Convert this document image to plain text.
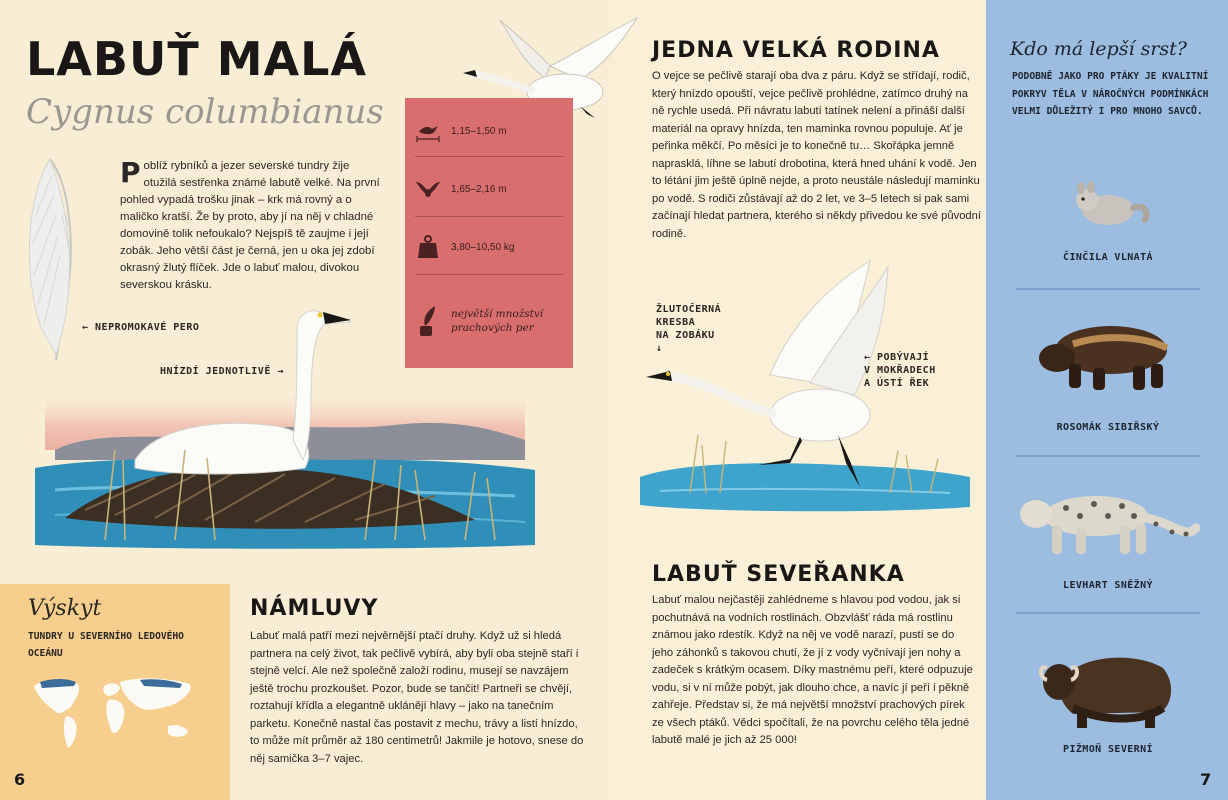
LABUŤ MALÁ
Cygnus columbianus
Poblíž rybníků a jezer severské tundry žije otužilá sestřenka známé labutě velké. Na první pohled vypadá trošku jinak – krk má rovný a o maličko kratší. Že by proto, aby jí na něj v chladné domovině tolik nefoukalo? Nejspíš tě zaujme i její zobák. Jeho větší část je černá, jen u oka jej zdobí okrasný žlutý flíček. Jde o labuť malou, divokou severskou krásku.
← NEPROMOKAVÉ PERO
HNÍZDÍ JEDNOTLIVĚ →
1,15–1,50 m
1,65–2,16 m
3,80–10,50 kg
největší množství prachových per
Výskyt
TUNDRY U SEVERNÍHO LEDOVÉHO OCEÁNU
6
NÁMLUVY
Labuť malá patří mezi nejvěrnější ptačí druhy. Když už si hledá partnera na celý život, tak pečlivě vybírá, aby byli oba stejně staří i stejně velcí. Ale než společně založí rodinu, musejí se navzájem ještě trochu prozkoušet. Pozor, bude se tančit! Partneři se chvějí, roztahují křídla a elegantně uklánějí hlavy – jako na tanečním parketu. Konečně nastal čas postavit z mechu, trávy a listí hnízdo, to může mít průměr až 180 centimetrů! Jakmile je hotovo, snese do něj samička 3–7 vajec.
JEDNA VELKÁ RODINA
O vejce se pečlivě starají oba dva z páru. Když se střídají, rodič, který hnízdo opouští, vejce pečlivě prohlédne, zatímco druhý na ně rychle usedá. Při návratu labutí tatínek nelení a přináší další materiál na opravy hnízda, ten maminka rovnou populuje. Ať je peřinka měkčí. Po měsíci je to konečně tu… Skořápka jemně naprasklá, líhne se labutí drobotina, která hned uhání k vodě. Jen to létání jim ještě úplně nejde, a proto neustále následují maminku po vodě. S rodiči zůstávají až do 2 let, ve 3–5 letech si pak sami začínají hledat partnera, kterého si někdy přivedou ke své původní rodině.
ŽLUTOČERNÁ
KRESBA
NA ZOBÁKU
↓
← POBÝVAJÍ
V MOKŘADECH
A ÚSTÍ ŘEK
LABUŤ SEVEŘANKA
Labuť malou nejčastěji zahlédneme s hlavou pod vodou, jak si pochutnává na vodních rostlinách. Obzvlášť ráda má rostlinu známou jako rdestík. Když na něj ve vodě narazí, pustí se do jeho záhonků s takovou chutí, že jí z vody vyčnívají jen nohy a zadeček s krátkým ocasem. Díky mastnému peří, které odpuzuje vodu, si v ní může pobýt, jak dlouho chce, a navíc jí peří i pěkně zahřeje. Představ si, že má největší množství prachových pírek ze všech ptáků. Vědci spočítali, že na povrchu celého těla jedné labutě malé je jich až 25 000!
Kdo má lepší srst?
PODOBNĚ JAKO PRO PTÁKY JE KVALITNÍ POKRYV TĚLA V NÁROČNÝCH PODMÍNKÁCH VELMI DŮLEŽITÝ I PRO MNOHO SAVCŮ.
ČINČILA VLNATÁ
ROSOMÁK SIBIŘSKÝ
LEVHART SNĚŽNÝ
PIŽMOŇ SEVERNÍ
7
